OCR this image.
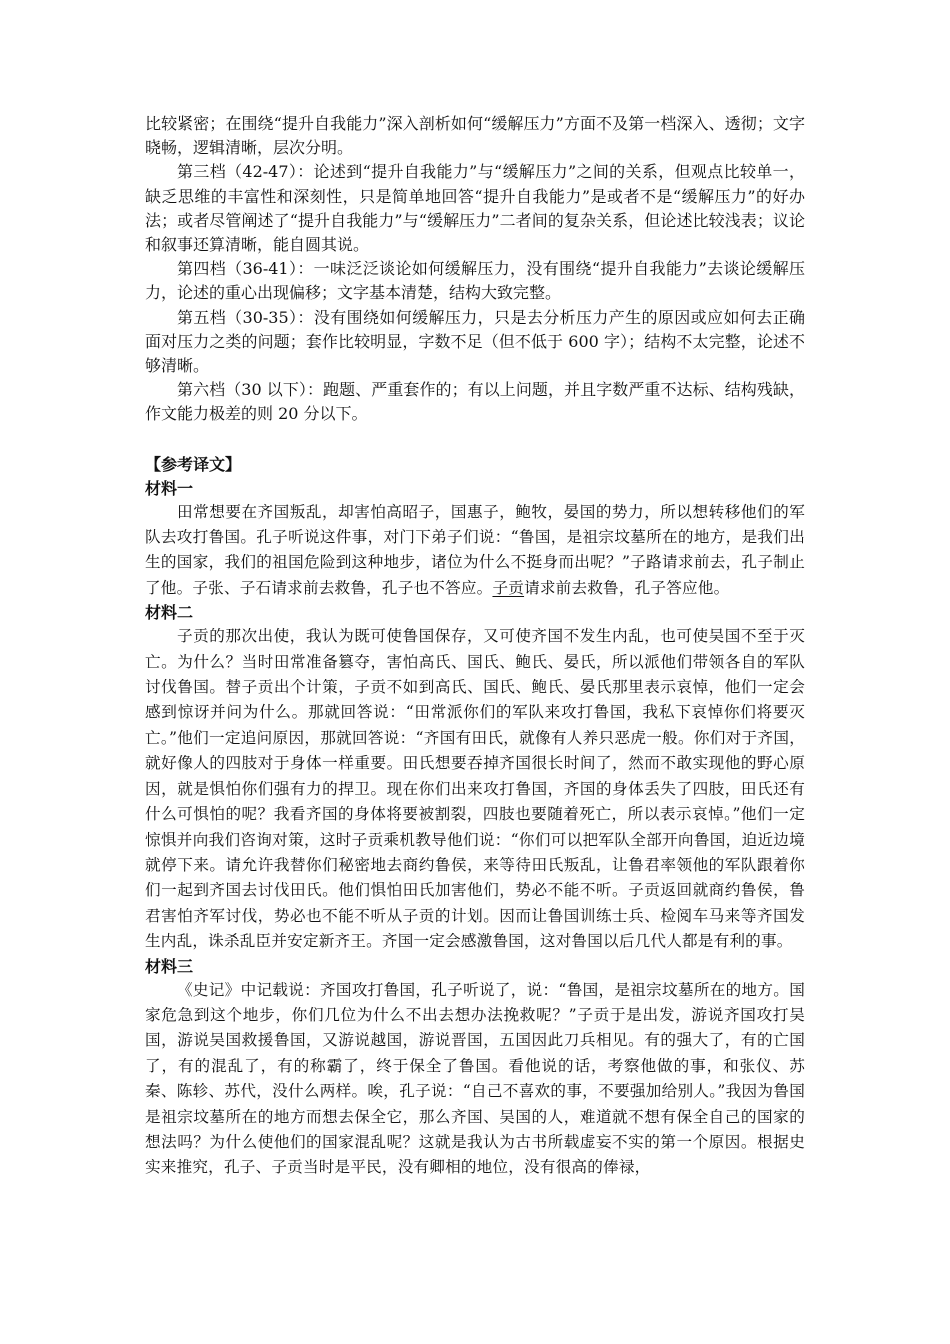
比较紧密；在围绕“提升自我能力”深入剖析如何“缓解压力”方面不及第一档深入、透彻；文字晓畅，逻辑清晰，层次分明。

第三档（42-47）：论述到“提升自我能力”与“缓解压力”之间的关系，但观点比较单一，缺乏思维的丰富性和深刻性，只是简单地回答“提升自我能力”是或者不是“缓解压力”的好办法；或者尽管阐述了“提升自我能力”与“缓解压力”二者间的复杂关系，但论述比较浅表；议论和叙事还算清晰，能自圆其说。

第四档（36-41）：一味泛泛谈论如何缓解压力，没有围绕“提升自我能力”去谈论缓解压力，论述的重心出现偏移；文字基本清楚，结构大致完整。

第五档（30-35）：没有围绕如何缓解压力，只是去分析压力产生的原因或应如何去正确面对压力之类的问题；套作比较明显，字数不足（但不低于 600 字）；结构不太完整，论述不够清晰。

第六档（30 以下）：跑题、严重套作的；有以上问题，并且字数严重不达标、结构残缺，作文能力极差的则 20 分以下。

【参考译文】

材料一

田常想要在齐国叛乱，却害怕高昭子，国惠子，鲍牧，晏国的势力，所以想转移他们的军队去攻打鲁国。孔子听说这件事，对门下弟子们说：“鲁国，是祖宗坟墓所在的地方，是我们出生的国家，我们的祖国危险到这种地步，诸位为什么不挺身而出呢？”子路请求前去，孔子制止了他。子张、子石请求前去救鲁，孔子也不答应。子贡请求前去救鲁，孔子答应他。

材料二

子贡的那次出使，我认为既可使鲁国保存，又可使齐国不发生内乱，也可使吴国不至于灭亡。为什么？当时田常准备篡夺，害怕高氏、国氏、鲍氏、晏氏，所以派他们带领各自的军队讨伐鲁国。替子贡出个计策，子贡不如到高氏、国氏、鲍氏、晏氏那里表示哀悼，他们一定会感到惊讶并问为什么。那就回答说：“田常派你们的军队来攻打鲁国，我私下哀悼你们将要灭亡。”他们一定追问原因，那就回答说：“齐国有田氏，就像有人养只恶虎一般。你们对于齐国，就好像人的四肢对于身体一样重要。田氏想要吞掉齐国很长时间了，然而不敢实现他的野心原因，就是惧怕你们强有力的捍卫。现在你们出来攻打鲁国，齐国的身体丢失了四肢，田氏还有什么可惧怕的呢？我看齐国的身体将要被割裂，四肢也要随着死亡，所以表示哀悼。”他们一定惊惧并向我们咨询对策，这时子贡乘机教导他们说：“你们可以把军队全部开向鲁国，迫近边境就停下来。请允许我替你们秘密地去商约鲁侯，来等待田氏叛乱，让鲁君率领他的军队跟着你们一起到齐国去讨伐田氏。他们惧怕田氏加害他们，势必不能不听。子贡返回就商约鲁侯，鲁君害怕齐军讨伐，势必也不能不听从子贡的计划。因而让鲁国训练士兵、检阅车马来等齐国发生内乱，诛杀乱臣并安定新齐王。齐国一定会感激鲁国，这对鲁国以后几代人都是有利的事。

材料三

《史记》中记载说：齐国攻打鲁国，孔子听说了，说：“鲁国，是祖宗坟墓所在的地方。国家危急到这个地步，你们几位为什么不出去想办法挽救呢？”子贡于是出发，游说齐国攻打吴国，游说吴国救援鲁国，又游说越国，游说晋国，五国因此刀兵相见。有的强大了，有的亡国了，有的混乱了，有的称霸了，终于保全了鲁国。看他说的话，考察他做的事，和张仪、苏秦、陈轸、苏代，没什么两样。唉，孔子说：“自己不喜欢的事，不要强加给别人。”我因为鲁国是祖宗坟墓所在的地方而想去保全它，那么齐国、吴国的人，难道就不想有保全自己的国家的想法吗？为什么使他们的国家混乱呢？这就是我认为古书所载虚妄不实的第一个原因。根据史实来推究，孔子、子贡当时是平民，没有卿相的地位，没有很高的俸禄，
